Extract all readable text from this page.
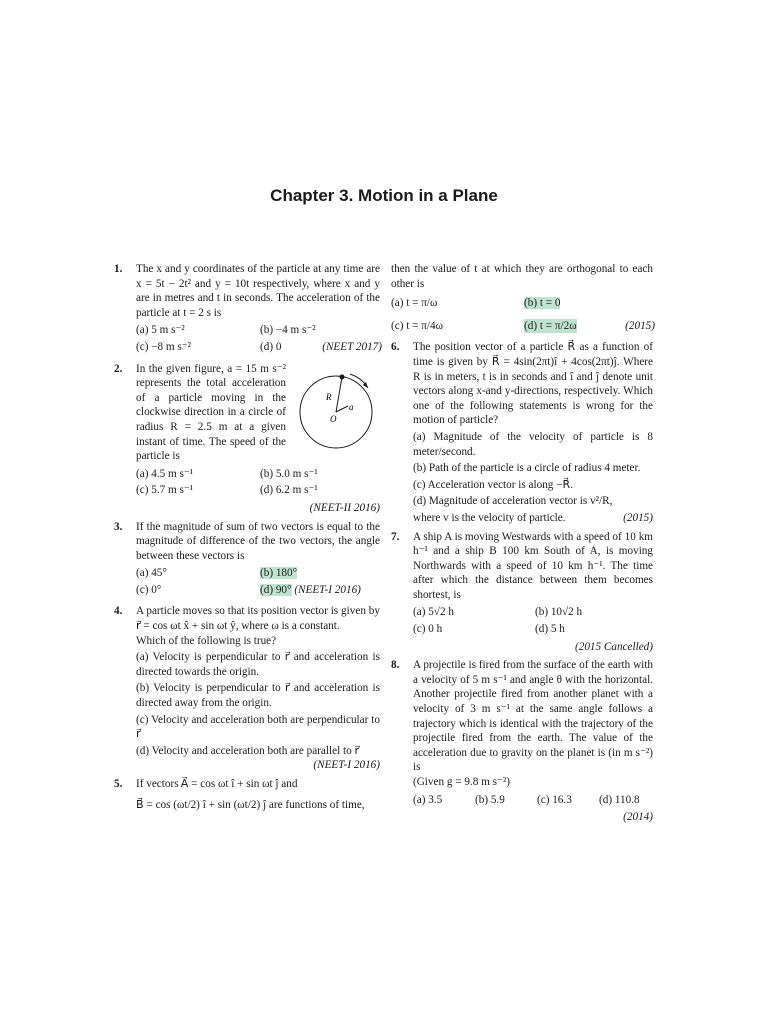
Chapter 3. Motion in a Plane
1.	The x and y coordinates of the particle at any time are x = 5t − 2t² and y = 10t respectively, where x and y are in metres and t in seconds. The acceleration of the particle at t = 2 s is

(a) 5 m s⁻²	(b) −4 m s⁻²
(c) −8 m s⁻²	(d) 0	(NEET 2017)
2.
R
O
a

In the given figure, a = 15 m s⁻² represents the total acceleration of a particle moving in the clockwise direction in a circle of radius R = 2.5 m at a given instant of time. The speed of the particle is

(a) 4.5 m s⁻¹	(b) 5.0 m s⁻¹
(c) 5.7 m s⁻¹	(d) 6.2 m s⁻¹
(NEET-II 2016)
3.	If the magnitude of sum of two vectors is equal to the magnitude of difference of the two vectors, the angle between these vectors is

(a) 45°	(b) 180°
(c) 0°	(d) 90° (NEET-I 2016)
4.	A particle moves so that its position vector is given by r⃗ = cos ωt x̂ + sin ωt ŷ, where ω is a constant.

Which of the following is true?

(a) Velocity is perpendicular to r⃗ and acceleration is directed towards the origin.

(b) Velocity is perpendicular to r⃗ and acceleration is directed away from the origin.

(c) Velocity and acceleration both are perpendicular to r⃗

(d) Velocity and acceleration both are parallel to r⃗
(NEET-I 2016)
5.	If vectors A⃗ = cos ωt î + sin ωt ĵ and

B⃗ = cos (ωt/2) î + sin (ωt/2) ĵ are functions of time,

then the value of t at which they are orthogonal to each other is

(a) t = π/ω	(b) t = 0
(c) t = π/4ω	(d) t = π/2ω	(2015)
6.	The position vector of a particle R⃗ as a function of time is given by R⃗ = 4sin(2πt)î + 4cos(2πt)ĵ. Where R is in meters, t is in seconds and î and ĵ denote unit vectors along x-and y-directions, respectively. Which one of the following statements is wrong for the motion of particle?

(a) Magnitude of the velocity of particle is 8 meter/second.

(b) Path of the particle is a circle of radius 4 meter.

(c) Acceleration vector is along −R⃗.

(d) Magnitude of acceleration vector is v²/R,

where v is the velocity of particle.	(2015)
7.	A ship A is moving Westwards with a speed of 10 km h⁻¹ and a ship B 100 km South of A, is moving Northwards with a speed of 10 km h⁻¹. The time after which the distance between them becomes shortest, is

(a) 5√2 h	(b) 10√2 h
(c) 0 h	(d) 5 h
(2015 Cancelled)
8.	A projectile is fired from the surface of the earth with a velocity of 5 m s⁻¹ and angle θ with the horizontal. Another projectile fired from another planet with a velocity of 3 m s⁻¹ at the same angle follows a trajectory which is identical with the trajectory of the projectile fired from the earth. The value of the acceleration due to gravity on the planet is (in m s⁻²) is

(Given g = 9.8 m s⁻²)

(a) 3.5	(b) 5.9	(c) 16.3	(d) 110.8
(2014)
